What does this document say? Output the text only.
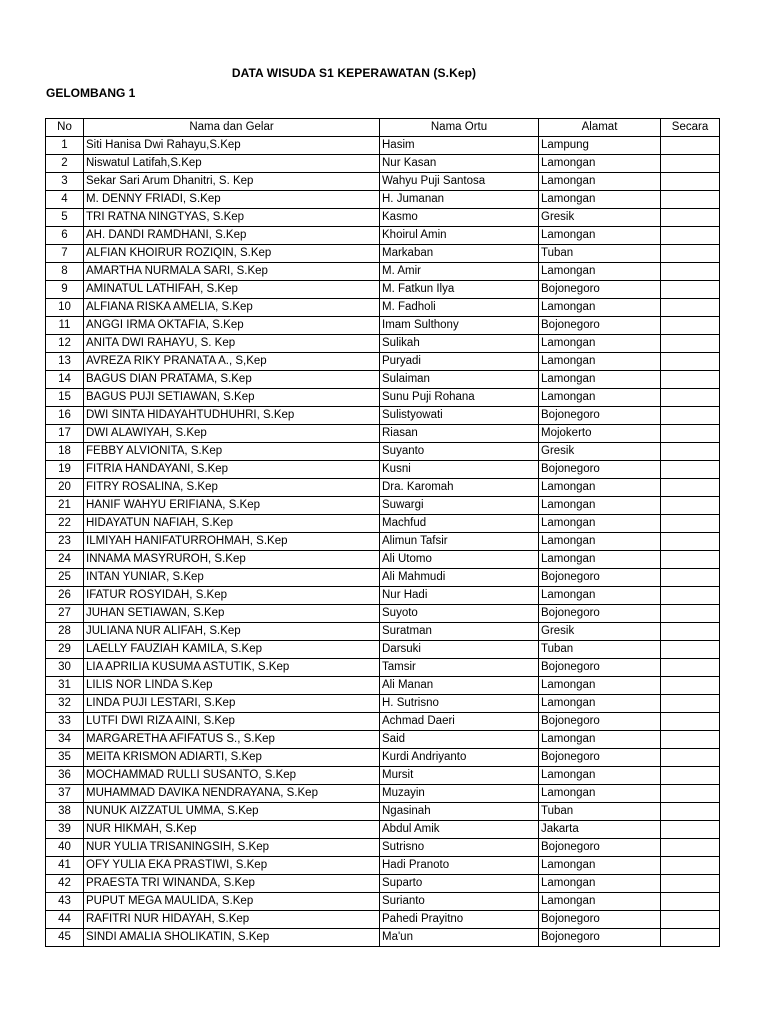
DATA WISUDA S1 KEPERAWATAN (S.Kep)
GELOMBANG 1
No	Nama dan Gelar	Nama Ortu	Alamat	Secara
1	Siti Hanisa Dwi Rahayu,S.Kep	Hasim	Lampung	
2	Niswatul Latifah,S.Kep	Nur Kasan	Lamongan	
3	Sekar Sari Arum Dhanitri, S. Kep	Wahyu Puji Santosa	Lamongan	
4	M. DENNY FRIADI, S.Kep	H. Jumanan	Lamongan	
5	TRI RATNA NINGTYAS, S.Kep	Kasmo	Gresik	
6	AH. DANDI RAMDHANI, S.Kep	Khoirul Amin	Lamongan	
7	ALFIAN KHOIRUR ROZIQIN, S.Kep	Markaban	Tuban	
8	AMARTHA NURMALA SARI, S.Kep	M. Amir	Lamongan	
9	AMINATUL LATHIFAH, S.Kep	M. Fatkun Ilya	Bojonegoro	
10	ALFIANA RISKA AMELIA, S.Kep	M. Fadholi	Lamongan	
11	ANGGI IRMA OKTAFIA, S.Kep	Imam Sulthony	Bojonegoro	
12	ANITA DWI RAHAYU, S. Kep	Sulikah	Lamongan	
13	AVREZA RIKY PRANATA A., S,Kep	Puryadi	Lamongan	
14	BAGUS DIAN PRATAMA, S.Kep	Sulaiman	Lamongan	
15	BAGUS PUJI SETIAWAN, S.Kep	Sunu Puji Rohana	Lamongan	
16	DWI SINTA HIDAYAHTUDHUHRI, S.Kep	Sulistyowati	Bojonegoro	
17	DWI ALAWIYAH, S.Kep	Riasan	Mojokerto	
18	FEBBY ALVIONITA, S.Kep	Suyanto	Gresik	
19	FITRIA HANDAYANI, S.Kep	Kusni	Bojonegoro	
20	FITRY ROSALINA, S.Kep	Dra. Karomah	Lamongan	
21	HANIF WAHYU ERIFIANA, S.Kep	Suwargi	Lamongan	
22	HIDAYATUN NAFIAH, S.Kep	Machfud	Lamongan	
23	ILMIYAH HANIFATURROHMAH, S.Kep	Alimun Tafsir	Lamongan	
24	INNAMA MASYRUROH, S.Kep	Ali Utomo	Lamongan	
25	INTAN YUNIAR, S.Kep	Ali Mahmudi	Bojonegoro	
26	IFATUR ROSYIDAH, S.Kep	Nur Hadi	Lamongan	
27	JUHAN SETIAWAN, S.Kep	Suyoto	Bojonegoro	
28	JULIANA NUR ALIFAH, S.Kep	Suratman	Gresik	
29	LAELLY FAUZIAH KAMILA, S.Kep	Darsuki	Tuban	
30	LIA APRILIA KUSUMA ASTUTIK, S.Kep	Tamsir	Bojonegoro	
31	LILIS NOR LINDA S.Kep	Ali Manan	Lamongan	
32	LINDA PUJI LESTARI, S.Kep	H. Sutrisno	Lamongan	
33	LUTFI DWI RIZA AINI, S.Kep	Achmad Daeri	Bojonegoro	
34	MARGARETHA AFIFATUS S., S.Kep	Said	Lamongan	
35	MEITA KRISMON ADIARTI, S.Kep	Kurdi Andriyanto	Bojonegoro	
36	MOCHAMMAD RULLI SUSANTO, S.Kep	Mursit	Lamongan	
37	MUHAMMAD DAVIKA NENDRAYANA, S.Kep	Muzayin	Lamongan	
38	NUNUK AIZZATUL UMMA, S.Kep	Ngasinah	Tuban	
39	NUR HIKMAH, S.Kep	Abdul Amik	Jakarta	
40	NUR YULIA TRISANINGSIH, S.Kep	Sutrisno	Bojonegoro	
41	OFY YULIA EKA PRASTIWI, S.Kep	Hadi Pranoto	Lamongan	
42	PRAESTA TRI WINANDA, S.Kep	Suparto	Lamongan	
43	PUPUT MEGA MAULIDA, S.Kep	Surianto	Lamongan	
44	RAFITRI NUR HIDAYAH, S.Kep	Pahedi Prayitno	Bojonegoro	
45	SINDI AMALIA SHOLIKATIN, S.Kep	Ma'un	Bojonegoro	
